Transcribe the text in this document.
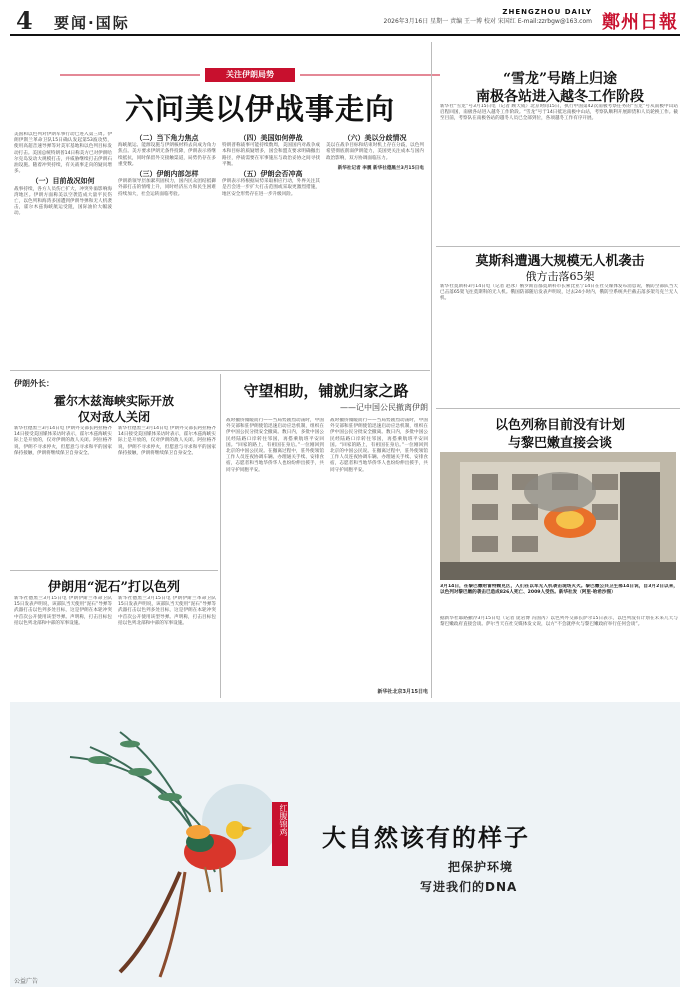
4 要闻·国际
ZHENGZHOU DAILY
2026年3月16日 星期一 责编 王一博 校对 宋国红 E-mail:zzrbgw@163.com 鄭州日報
关注伊朗局势
六问美以伊战事走向
美国和以色列对伊朗军事行动已进入第三周。伊朗伊斯兰革命卫队15日确认发起第53波攻势，使用高超音速导弹等对美军基地和以色列目标发动打击。美国总统特朗普14日称美方已对伊朗哈尔克岛发动大规模打击，并威胁继续打击伊朗石油设施。随着冲突持续，有关战事走向的疑问增多。
（一）目前战况如何
战事持续，各方人员伤亡扩大，冲突外溢影响海湾地区。伊朗方面称美以空袭造成大量平民伤亡，以色列和海湾多国遭到伊朗导弹和无人机袭击，霍尔木兹海峡航运受阻，国际油价大幅波动。
（二）当下角力焦点
海峡航运、能源设施与伊朗核材料去向成为角力焦点。美方要求伊朗无条件投降，伊朗表示将继续抵抗，同时保留外交接触渠道，局势仍存在多重变数。
（三）伊朗内部怎样
伊朗新领导层加紧巩固权力，国内民众团结抵御外部打击的情绪上升，同时经济压力和民生困难持续加大，社会运转面临考验。
（四）美国如何停战
特朗普称战事可能持续数周，美国国内对战争成本和目标的质疑增多，国会和盟友要求明确撤出路径，停战需要在军事施压与政治妥协之间寻找平衡。
（五）伊朗会否冲高
伊朗表示将根据局势采取相应行动，外界关注其是否会进一步扩大打击范围或采取更激烈措施，地区安全形势存在进一步升级风险。
（六）美以分歧情况
美以在战争目标和结束时机上存在分歧，以色列希望彻底削弱伊朗能力，美国更关注成本与国内政治影响，双方协调面临压力。
新华社记者 李震 新华社德黑兰3月15日电
“雪龙”号踏上归途
南极各站进入越冬工作阶段
新华社“雪龙”号3月15日电（记者 顾天成）北京时间15日，执行中国第42次南极考察任务的“雪龙”号从南极中山站启程回国，南极各站进入越冬工作阶段。“雪龙”号于14日抵达南极中山站，考察队顺利开展卸货和人员轮换工作。截至目前，考察队在南极各站的越冬人员已全部到位，各项越冬工作有序开展。
莫斯科遭遇大规模无人机袭击
俄方击落65架
新华社莫斯科3月14日电（记者 赵冰）俄罗斯首都莫斯科市长索比亚宁14日在社交媒体发布消息说，俄防空部队当天已击落65架飞往莫斯科的无人机。俄国防部随后发表声明说，过去24小时内，俄防空系统共拦截击落多架乌克兰无人机。
以色列称目前没有计划
与黎巴嫩直接会谈
3月14日，在黎巴嫩哈雷特赖克区，人们在以军无人机袭击现场灭火。黎巴嫩公共卫生部14日说，自3月2日以来，以色列对黎巴嫩的袭击已造成826人死亡、2009人受伤。新华社发（阿里·哈希沙图）
据新华社耶路撒冷3月15日电（记者 庞岩博 冯国芮）以色列外交部长萨尔15日表示，以色列没有计划在未来几天与黎巴嫩政府直接会谈。萨尔当天在社交媒体发文说，以方“不会就停火与黎巴嫩政府举行任何会谈”。
伊朗外长：
霍尔木兹海峡实际开放
仅对敌人关闭
新华社德黑兰3月14日电 伊朗外交部长阿拉格齐14日接受美国媒体采访时表示，霍尔木兹海峡实际上是开放的，仅对伊朗的敌人关闭。阿拉格齐说，伊朗不寻求停火，但愿意与寻求和平的国家保持接触，伊朗将继续保卫自身安全。
新华社德黑兰3月14日电 伊朗外交部长阿拉格齐14日接受美国媒体采访时表示，霍尔木兹海峡实际上是开放的，仅对伊朗的敌人关闭。阿拉格齐说，伊朗不寻求停火，但愿意与寻求和平的国家保持接触，伊朗将继续保卫自身安全。
伊朗用“泥石”打以色列
新华社德黑兰3月15日电 伊朗伊斯兰革命卫队15日发表声明说，该部队当天使用“泥石”导弹等武器打击以色列多处目标，这是伊朗在本轮冲突中首次公开使用该型导弹。声明称，打击目标包括以色列北部和中部的军事设施。
新华社德黑兰3月15日电 伊朗伊斯兰革命卫队15日发表声明说，该部队当天使用“泥石”导弹等武器打击以色列多处目标，这是伊朗在本轮冲突中首次公开使用该型导弹。声明称，打击目标包括以色列北部和中部的军事设施。
守望相助，铺就归家之路
——记中国公民撤离伊朗
战时撤侨微暖而行——当局势剧烈动荡时，中国外交部和驻伊朗使馆迅速启动应急机制，组织在伊中国公民分批安全撤离。数日内，多批中国公民经陆路口岸转往邻国，再搭乘航班平安回国。“回家的路上，有祖国在身后。”一位刚回到北京的中国公民说。在撤离过程中，驻外使领馆工作人员连夜协调车辆、办理通关手续、安排食宿，志愿者和当地华侨华人也纷纷伸出援手，共同守护同胞平安。
战时撤侨微暖而行——当局势剧烈动荡时，中国外交部和驻伊朗使馆迅速启动应急机制，组织在伊中国公民分批安全撤离。数日内，多批中国公民经陆路口岸转往邻国，再搭乘航班平安回国。“回家的路上，有祖国在身后。”一位刚回到北京的中国公民说。在撤离过程中，驻外使领馆工作人员连夜协调车辆、办理通关手续、安排食宿，志愿者和当地华侨华人也纷纷伸出援手，共同守护同胞平安。
新华社北京3月15日电
红腹锦鸡
大自然该有的样子
把保护环境
写进我们的DNA
公益广告
